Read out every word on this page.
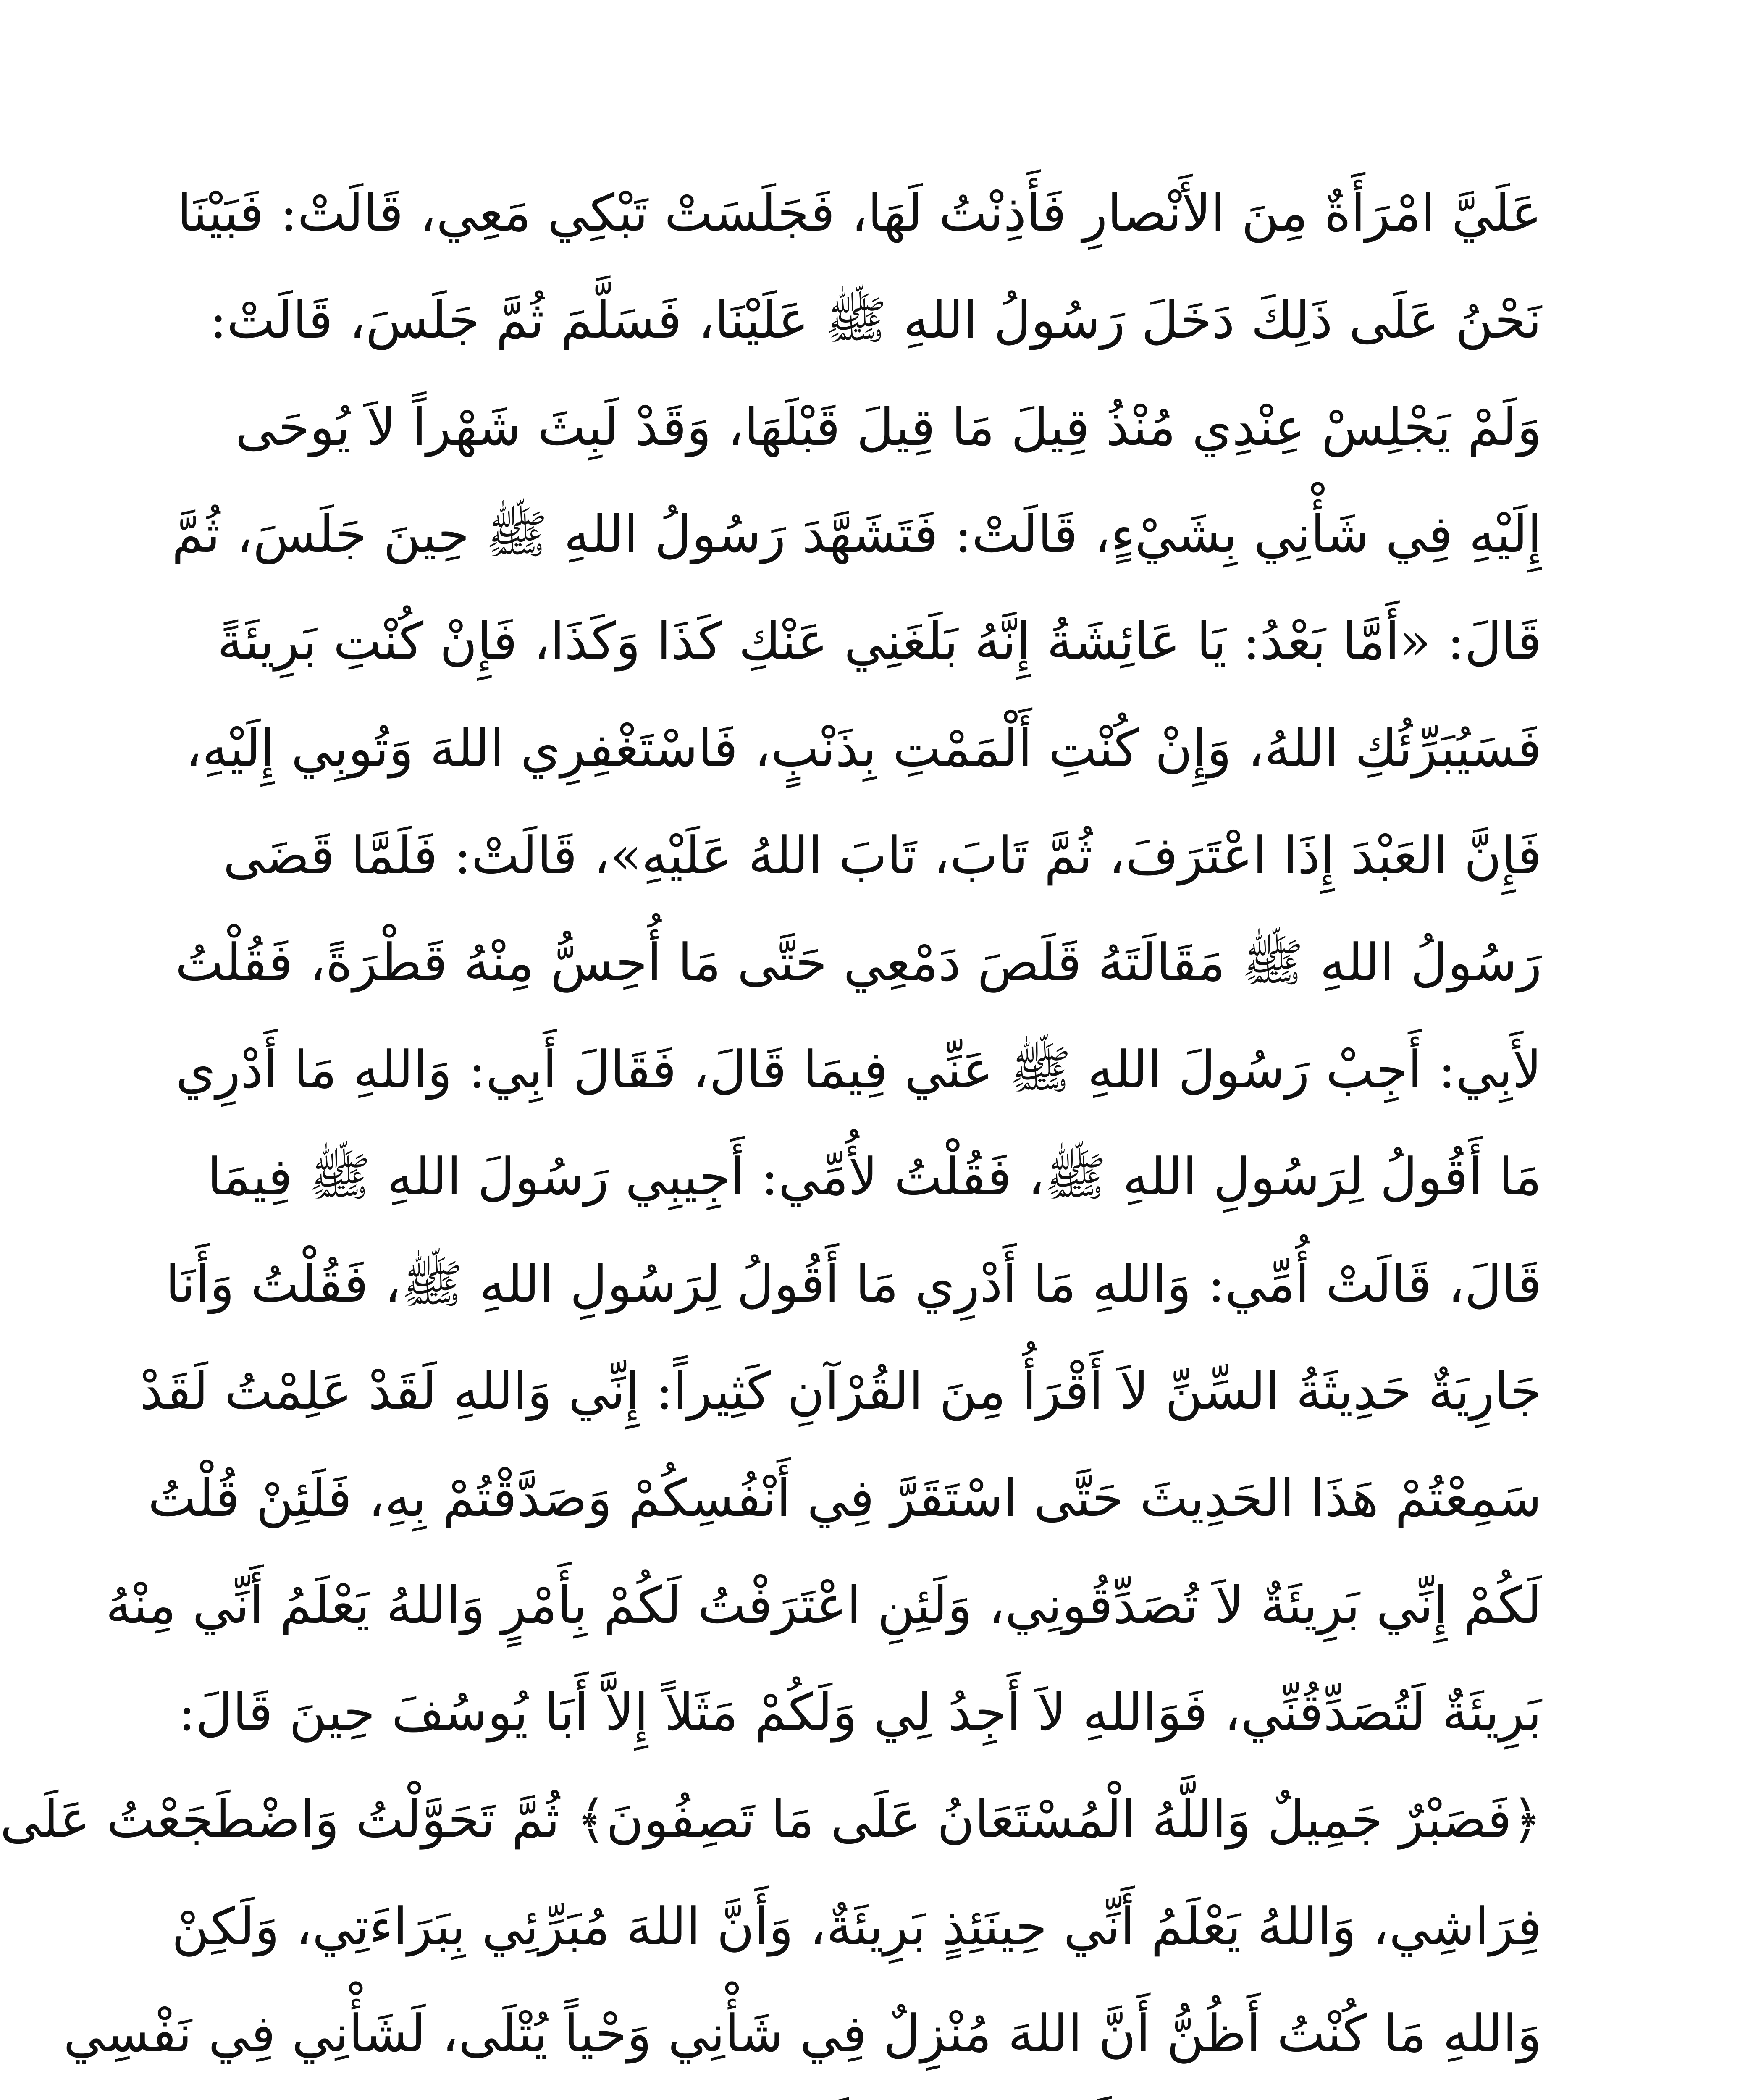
عَلَيَّ امْرَأَةٌ مِنَ الأَنْصارِ فَأَذِنْتُ لَهَا، فَجَلَسَتْ تَبْكِي مَعِي، قَالَتْ: فَبَيْنَا
نَحْنُ عَلَى ذَلِكَ دَخَلَ رَسُولُ اللهِ ﷺ عَلَيْنَا، فَسَلَّمَ ثُمَّ جَلَسَ، قَالَتْ:
وَلَمْ يَجْلِسْ عِنْدِي مُنْذُ قِيلَ مَا قِيلَ قَبْلَهَا، وَقَدْ لَبِثَ شَهْراً لاَ يُوحَى
إِلَيْهِ فِي شَأْنِي بِشَيْءٍ، قَالَتْ: فَتَشَهَّدَ رَسُولُ اللهِ ﷺ حِينَ جَلَسَ، ثُمَّ
قَالَ: «أَمَّا بَعْدُ: يَا عَائِشَةُ إِنَّهُ بَلَغَنِي عَنْكِ كَذَا وَكَذَا، فَإِنْ كُنْتِ بَرِيئَةً
فَسَيُبَرِّئُكِ اللهُ، وَإِنْ كُنْتِ أَلْمَمْتِ بِذَنْبٍ، فَاسْتَغْفِرِي اللهَ وَتُوبِي إِلَيْهِ،
فَإِنَّ العَبْدَ إِذَا اعْتَرَفَ، ثُمَّ تَابَ، تَابَ اللهُ عَلَيْهِ»، قَالَتْ: فَلَمَّا قَضَى
رَسُولُ اللهِ ﷺ مَقَالَتَهُ قَلَصَ دَمْعِي حَتَّى مَا أُحِسُّ مِنْهُ قَطْرَةً، فَقُلْتُ
لأَبِي: أَجِبْ رَسُولَ اللهِ ﷺ عَنِّي فِيمَا قَالَ، فَقَالَ أَبِي: وَاللهِ مَا أَدْرِي
مَا أَقُولُ لِرَسُولِ اللهِ ﷺ، فَقُلْتُ لأُمِّي: أَجِيبِي رَسُولَ اللهِ ﷺ فِيمَا
قَالَ، قَالَتْ أُمِّي: وَاللهِ مَا أَدْرِي مَا أَقُولُ لِرَسُولِ اللهِ ﷺ، فَقُلْتُ وَأَنَا
جَارِيَةٌ حَدِيثَةُ السِّنِّ لاَ أَقْرَأُ مِنَ القُرْآنِ كَثِيراً: إِنِّي وَاللهِ لَقَدْ عَلِمْتُ لَقَدْ
سَمِعْتُمْ هَذَا الحَدِيثَ حَتَّى اسْتَقَرَّ فِي أَنْفُسِكُمْ وَصَدَّقْتُمْ بِهِ، فَلَئِنْ قُلْتُ
لَكُمْ إِنِّي بَرِيئَةٌ لاَ تُصَدِّقُونِي، وَلَئِنِ اعْتَرَفْتُ لَكُمْ بِأَمْرٍ وَاللهُ يَعْلَمُ أَنِّي مِنْهُ
بَرِيئَةٌ لَتُصَدِّقُنِّي، فَوَاللهِ لاَ أَجِدُ لِي وَلَكُمْ مَثَلاً إِلاَّ أَبَا يُوسُفَ حِينَ قَالَ:
﴿فَصَبْرٌ جَمِيلٌ وَاللَّهُ الْمُسْتَعَانُ عَلَى مَا تَصِفُونَ﴾ ثُمَّ تَحَوَّلْتُ وَاضْطَجَعْتُ عَلَى
فِرَاشِي، وَاللهُ يَعْلَمُ أَنِّي حِينَئِذٍ بَرِيئَةٌ، وَأَنَّ اللهَ مُبَرِّئِي بِبَرَاءَتِي، وَلَكِنْ
وَاللهِ مَا كُنْتُ أَظُنُّ أَنَّ اللهَ مُنْزِلٌ فِي شَأْنِي وَحْياً يُتْلَى، لَشَأْنِي فِي نَفْسِي
